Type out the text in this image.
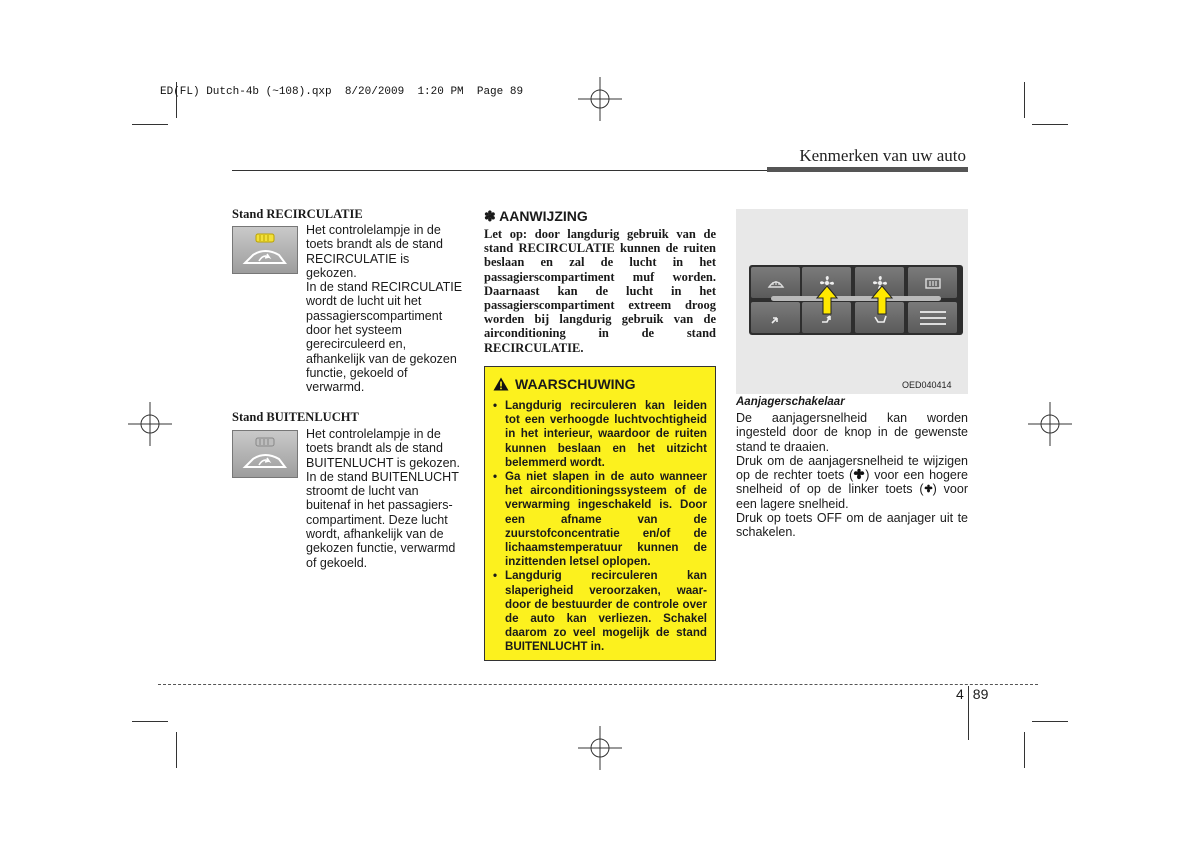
ED(FL) Dutch-4b (~108).qxp  8/20/2009  1:20 PM  Page 89
Kenmerken van uw auto
Stand RECIRCULATIE

Het controlelampje in de

toets brandt als de stand

RECIRCULATIE is

gekozen.

In de stand RECIRCULATIE

wordt de lucht uit het

passagierscompartiment

door het systeem

gerecirculeerd en,

afhankelijk van de gekozen

functie, gekoeld of

verwarmd.

Stand BUITENLUCHT

Het controlelampje in de

toets brandt als de stand

BUITENLUCHT is gekozen.

In de stand BUITENLUCHT

stroomt de lucht van

buitenaf in het passagiers-

compartiment. Deze lucht

wordt, afhankelijk van de

gekozen functie, verwarmd

of gekoeld.

✽ AANWIJZING
Let op: door langdurig gebruik van de stand RECIRCULATIE kunnen de ruiten beslaan en zal de lucht in het passagierscompartiment muf worden. Daarnaast kan de lucht in het passagierscompartiment extreem droog worden bij langdurig gebruik van de airconditioning in de stand RECIRCULATIE.
WAARSCHUWING
• Langdurig recirculeren kan leiden tot een verhoogde luchtvochtigheid in het interieur, waardoor de ruiten kunnen beslaan en het uitzicht belemmerd wordt.
• Ga niet slapen in de auto wanneer het airconditioningssysteem of de verwarming ingeschakeld is. Door een afname van de zuurstofconcentratie en/of de lichaamstemperatuur kunnen de inzittenden letsel oplopen.
• Langdurig recirculeren kan slaperigheid veroorzaken, waar- door de bestuurder de controle over de auto kan verliezen. Schakel daarom zo veel mogelijk de stand BUITENLUCHT in.
OED040414
Aanjagerschakelaar

De aanjagersnelheid kan worden ingesteld door de knop in de gewenste stand te draaien.

Druk om de aanjagersnelheid te wijzigen op de rechter toets ( ) voor een hogere snelheid of op de linker toets ( ) voor een lagere snelheid.

Druk op toets OFF om de aanjager uit te schakelen.

4 89
